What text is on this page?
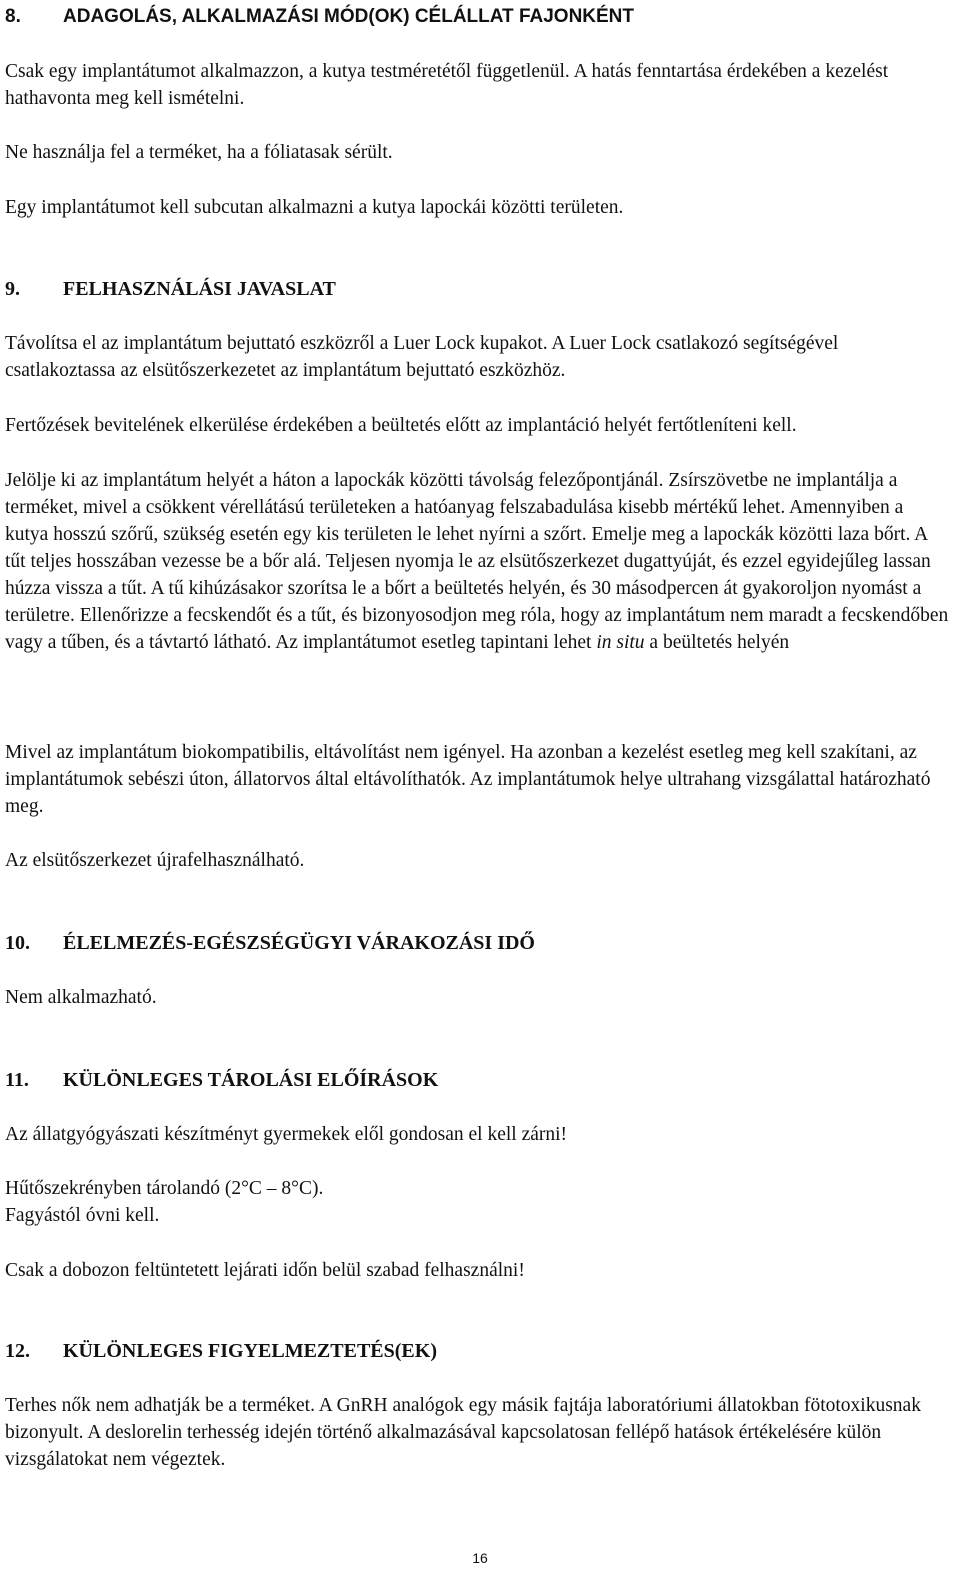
8. ADAGOLÁS, ALKALMAZÁSI MÓD(OK) CÉLÁLLAT FAJONKÉNT

Csak egy implantátumot alkalmazzon, a kutya testméretétől függetlenül. A hatás fenntartása érdekében a kezelést hathavonta meg kell ismételni.

Ne használja fel a terméket, ha a fóliatasak sérült.

Egy implantátumot kell subcutan alkalmazni a kutya lapockái közötti területen.

9. FELHASZNÁLÁSI JAVASLAT

Távolítsa el az implantátum bejuttató eszközről a Luer Lock kupakot. A Luer Lock csatlakozó segítségével csatlakoztassa az elsütőszerkezetet az implantátum bejuttató eszközhöz.

Fertőzések bevitelének elkerülése érdekében a beültetés előtt az implantáció helyét fertőtleníteni kell.

Jelölje ki az implantátum helyét a háton a lapockák közötti távolság felezőpontjánál. Zsírszövetbe ne implantálja a terméket, mivel a csökkent vérellátású területeken a hatóanyag felszabadulása kisebb mértékű lehet. Amennyiben a kutya hosszú szőrű, szükség esetén egy kis területen le lehet nyírni a szőrt. Emelje meg a lapockák közötti laza bőrt. A tűt teljes hosszában vezesse be a bőr alá. Teljesen nyomja le az elsütőszerkezet dugattyúját, és ezzel egyidejűleg lassan húzza vissza a tűt. A tű kihúzásakor szorítsa le a bőrt a beültetés helyén, és 30 másodpercen át gyakoroljon nyomást a területre. Ellenőrizze a fecskendőt és a tűt, és bizonyosodjon meg róla, hogy az implantátum nem maradt a fecskendőben vagy a tűben, és a távtartó látható. Az implantátumot esetleg tapintani lehet in situ a beültetés helyén

Mivel az implantátum biokompatibilis, eltávolítást nem igényel. Ha azonban a kezelést esetleg meg kell szakítani, az implantátumok sebészi úton, állatorvos által eltávolíthatók. Az implantátumok helye ultrahang vizsgálattal határozható meg.

Az elsütőszerkezet újrafelhasználható.

10. ÉLELMEZÉS-EGÉSZSÉGÜGYI VÁRAKOZÁSI IDŐ

Nem alkalmazható.

11. KÜLÖNLEGES TÁROLÁSI ELŐÍRÁSOK

Az állatgyógyászati készítményt gyermekek elől gondosan el kell zárni!

Hűtőszekrényben tárolandó (2°C – 8°C).
Fagyástól óvni kell.

Csak a dobozon feltüntetett lejárati időn belül szabad felhasználni!

12. KÜLÖNLEGES FIGYELMEZTETÉS(EK)

Terhes nők nem adhatják be a terméket. A GnRH analógok egy másik fajtája laboratóriumi állatokban fötotoxikusnak bizonyult. A deslorelin terhesség idején történő alkalmazásával kapcsolatosan fellépő hatások értékelésére külön vizsgálatokat nem végeztek.

16
